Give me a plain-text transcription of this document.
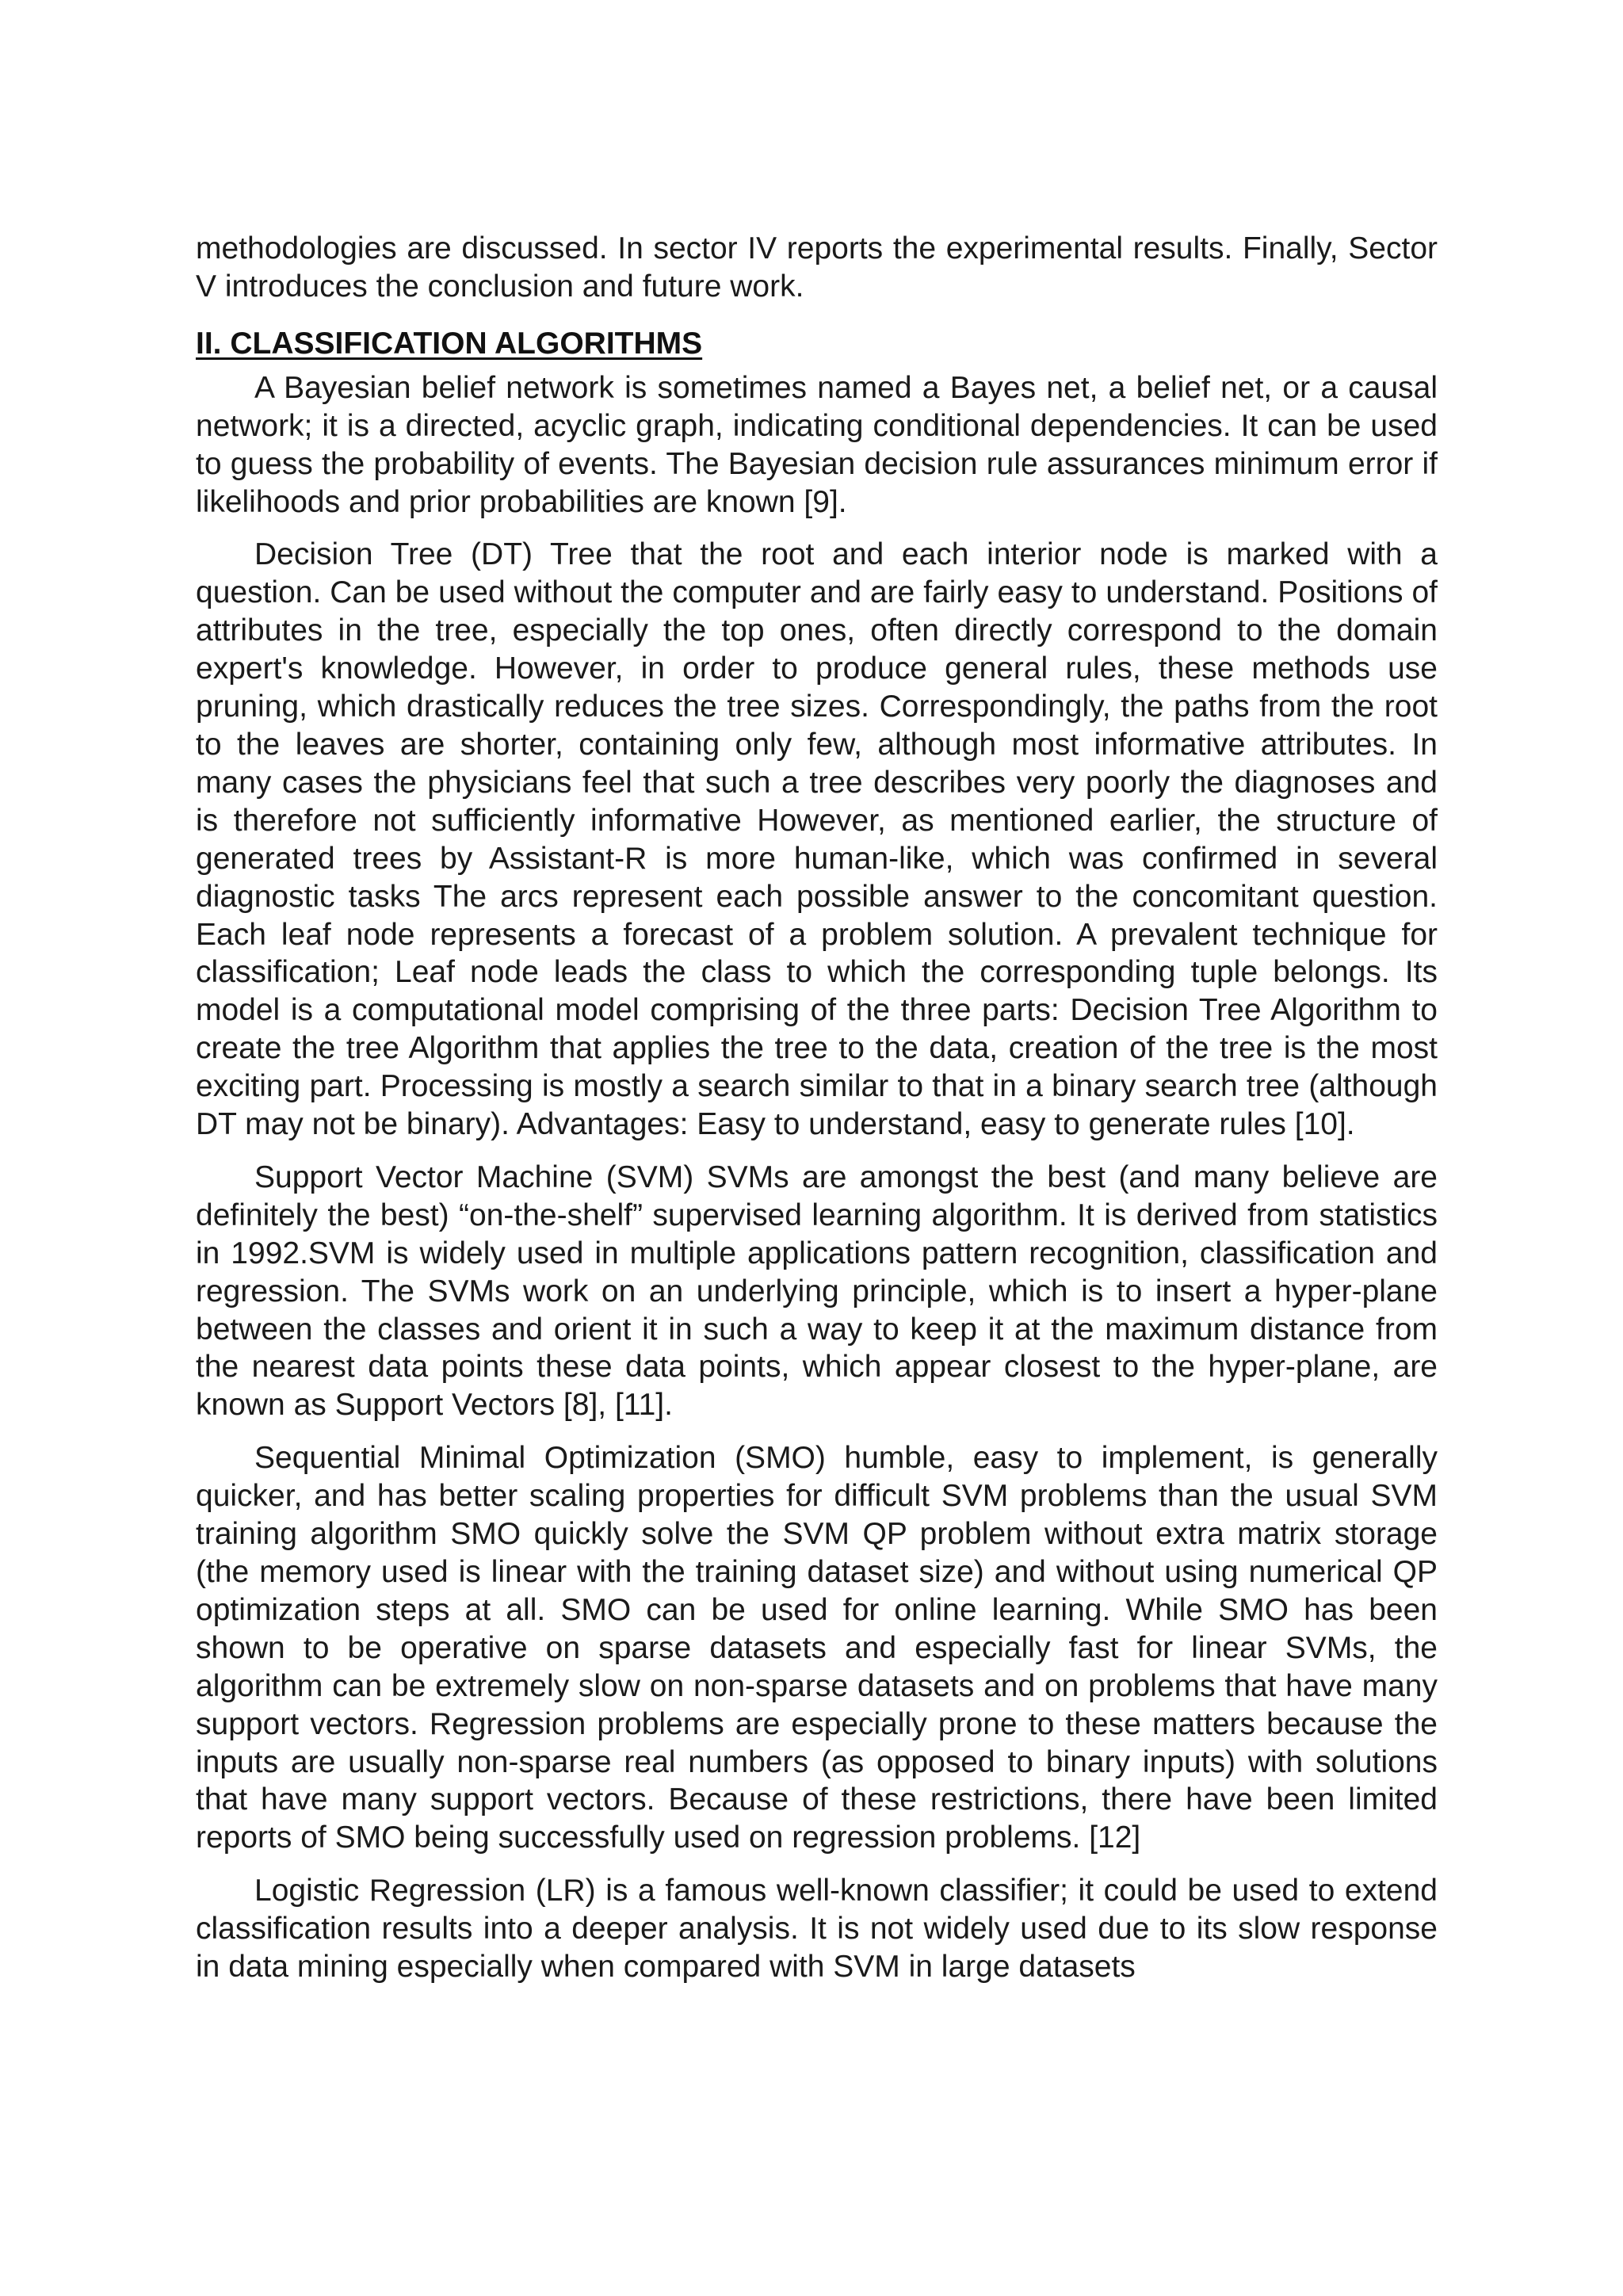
methodologies are discussed. In sector IV reports the experimental results. Finally, Sector V introduces the conclusion and future work.

II. CLASSIFICATION ALGORITHMS

A Bayesian belief network is sometimes named a Bayes net, a belief net, or a causal network; it is a directed, acyclic graph, indicating conditional dependencies. It can be used to guess the probability of events. The Bayesian decision rule assurances minimum error if likelihoods and prior probabilities are known [9].

Decision Tree (DT) Tree that the root and each interior node is marked with a question. Can be used without the computer and are fairly easy to understand. Positions of attributes in the tree, especially the top ones, often directly correspond to the domain expert's knowledge. However, in order to produce general rules, these methods use pruning, which drastically reduces the tree sizes. Correspondingly, the paths from the root to the leaves are shorter, containing only few, although most informative attributes. In many cases the physicians feel that such a tree describes very poorly the diagnoses and is therefore not sufficiently informative However, as mentioned earlier, the structure of generated trees by Assistant-R is more human-like, which was confirmed in several diagnostic tasks The arcs represent each possible answer to the concomitant question. Each leaf node represents a forecast of a problem solution. A prevalent technique for classification; Leaf node leads the class to which the corresponding tuple belongs. Its model is a computational model comprising of the three parts: Decision Tree Algorithm to create the tree Algorithm that applies the tree to the data, creation of the tree is the most exciting part. Processing is mostly a search similar to that in a binary search tree (although DT may not be binary). Advantages: Easy to understand, easy to generate rules [10].

Support Vector Machine (SVM) SVMs are amongst the best (and many believe are definitely the best) “on-the-shelf” supervised learning algorithm. It is derived from statistics in 1992.SVM is widely used in multiple applications pattern recognition, classification and regression. The SVMs work on an underlying principle, which is to insert a hyper-plane between the classes and orient it in such a way to keep it at the maximum distance from the nearest data points these data points, which appear closest to the hyper-plane, are known as Support Vectors [8], [11].

Sequential Minimal Optimization (SMO) humble, easy to implement, is generally quicker, and has better scaling properties for difficult SVM problems than the usual SVM training algorithm SMO quickly solve the SVM QP problem without extra matrix storage (the memory used is linear with the training dataset size) and without using numerical QP optimization steps at all. SMO can be used for online learning. While SMO has been shown to be operative on sparse datasets and especially fast for linear SVMs, the algorithm can be extremely slow on non-sparse datasets and on problems that have many support vectors. Regression problems are especially prone to these matters because the inputs are usually non-sparse real numbers (as opposed to binary inputs) with solutions that have many support vectors. Because of these restrictions, there have been limited reports of SMO being successfully used on regression problems. [12]

Logistic Regression (LR) is a famous well-known classifier; it could be used to extend classification results into a deeper analysis. It is not widely used due to its slow response in data mining especially when compared with SVM in large datasets
